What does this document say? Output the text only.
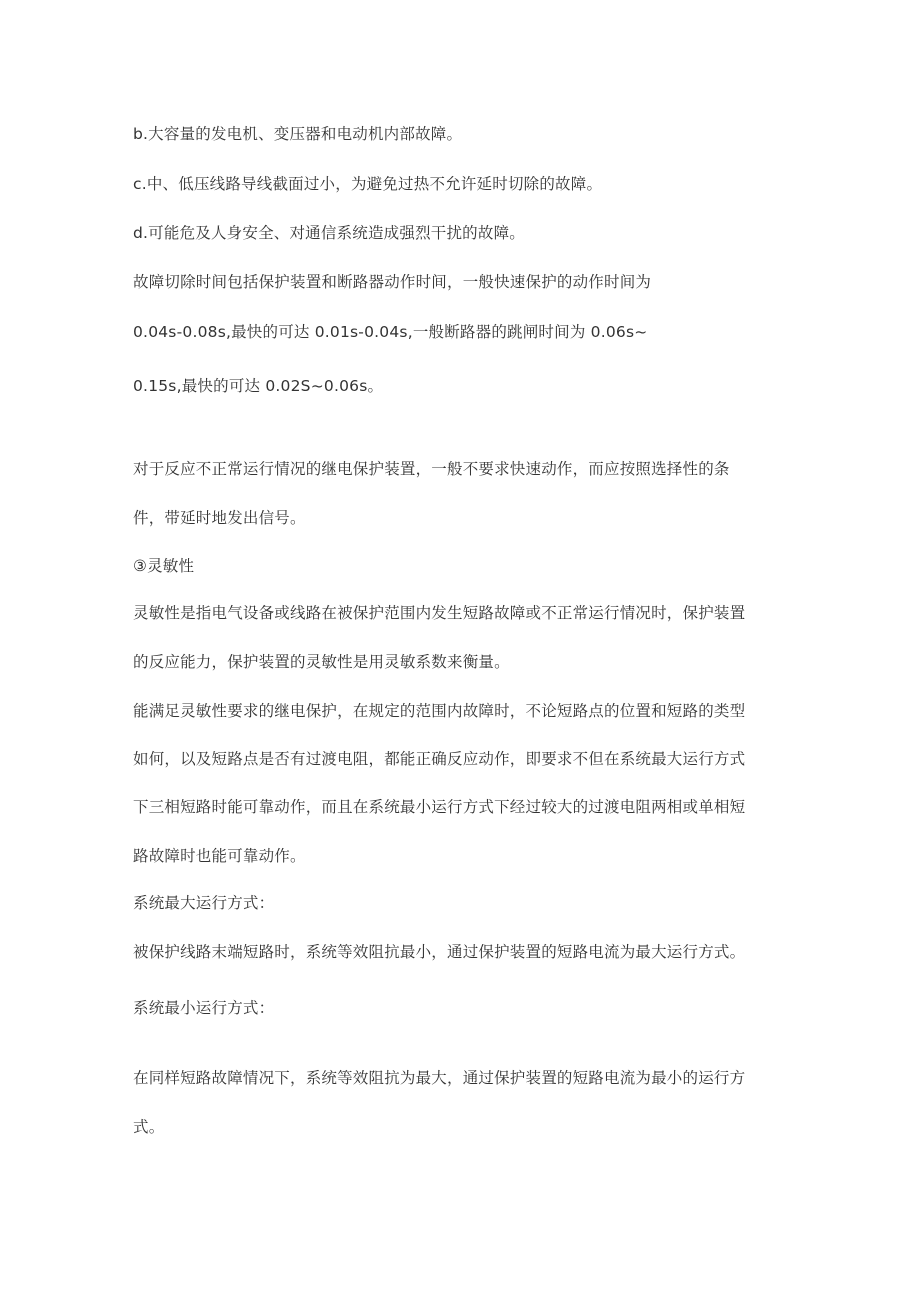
b.大容量的发电机、变压器和电动机内部故障。
c.中、低压线路导线截面过小，为避免过热不允许延时切除的故障。
d.可能危及人身安全、对通信系统造成强烈干扰的故障。
故障切除时间包括保护装置和断路器动作时间，一般快速保护的动作时间为
0.04s-0.08s,最快的可达 0.01s-0.04s,一般断路器的跳闸时间为 0.06s~
0.15s,最快的可达 0.02S~0.06s。
对于反应不正常运行情况的继电保护装置，一般不要求快速动作，而应按照选择性的条
件，带延时地发出信号。
③灵敏性
灵敏性是指电气设备或线路在被保护范围内发生短路故障或不正常运行情况时，保护装置
的反应能力，保护装置的灵敏性是用灵敏系数来衡量。
能满足灵敏性要求的继电保护，在规定的范围内故障时，不论短路点的位置和短路的类型
如何，以及短路点是否有过渡电阻，都能正确反应动作，即要求不但在系统最大运行方式
下三相短路时能可靠动作，而且在系统最小运行方式下经过较大的过渡电阻两相或单相短
路故障时也能可靠动作。
系统最大运行方式：
被保护线路末端短路时，系统等效阻抗最小，通过保护装置的短路电流为最大运行方式。
系统最小运行方式：
在同样短路故障情况下，系统等效阻抗为最大，通过保护装置的短路电流为最小的运行方
式。
